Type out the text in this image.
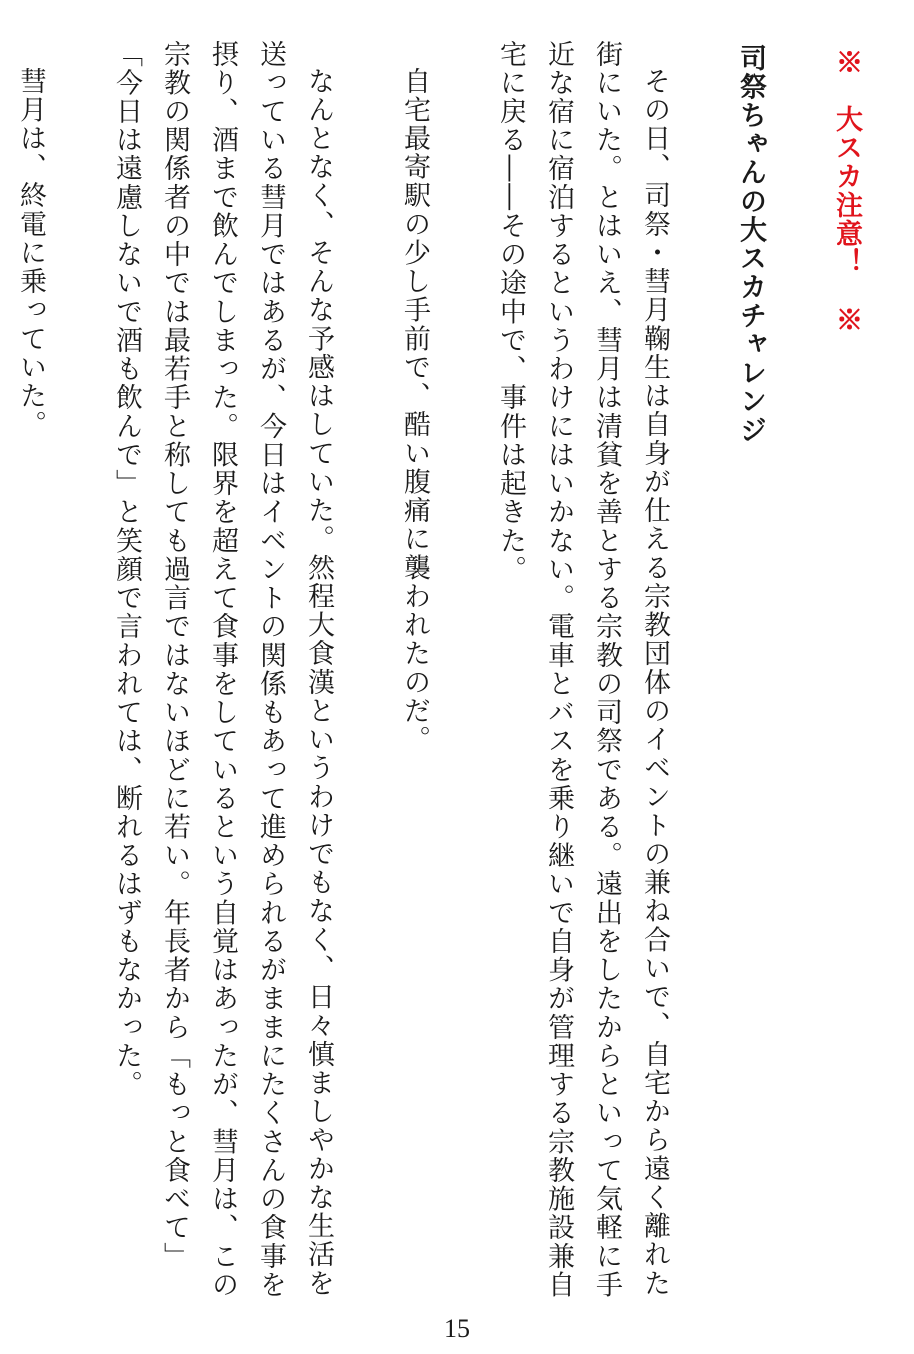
※　大スカ注意！　※

司祭ちゃんの大スカチャレンジ

その日、司祭・彗月鞠生は自身が仕える宗教団体のイベントの兼ね合いで、自宅から遠く離れた街にいた。とはいえ、彗月は清貧を善とする宗教の司祭である。遠出をしたからといって気軽に手近な宿に宿泊するというわけにはいかない。電車とバスを乗り継いで自身が管理する宗教施設兼自宅に戻る――その途中で、事件は起きた。

自宅最寄駅の少し手前で、酷い腹痛に襲われたのだ。

なんとなく、そんな予感はしていた。然程大食漢というわけでもなく、日々慎ましやかな生活を送っている彗月ではあるが、今日はイベントの関係もあって進められるがままにたくさんの食事を摂り、酒まで飲んでしまった。限界を超えて食事をしているという自覚はあったが、彗月は、この宗教の関係者の中では最若手と称しても過言ではないほどに若い。年長者から「もっと食べて」「今日は遠慮しないで酒も飲んで」と笑顔で言われては、断れるはずもなかった。

彗月は、終電に乗っていた。

15
